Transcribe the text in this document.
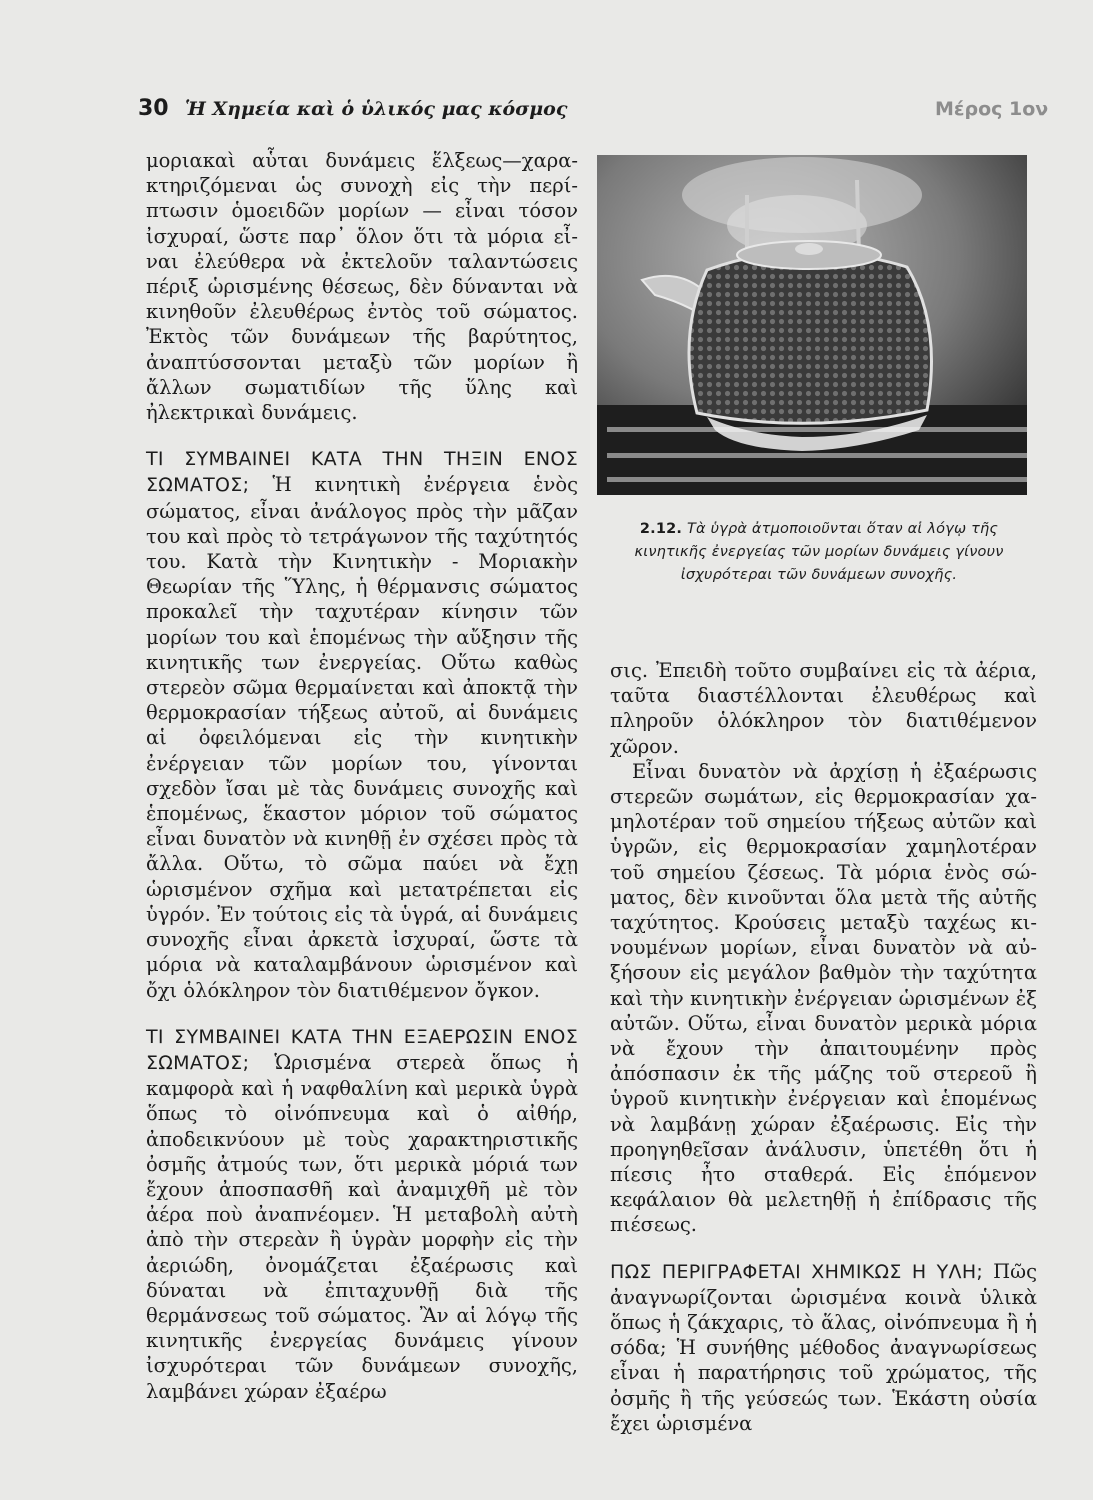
30 Ἡ Χημεία καὶ ὁ ὑλικός μας κόσμος	Μέρος 1ον

μοριακαὶ αὗται δυνάμεις ἕλξεως—χαρακτηριζόμεναι ὡς συνοχὴ εἰς τὴν περίπτωσιν ὁμοειδῶν μορίων — εἶναι τόσον ἰσχυραί, ὥστε παρ᾽ ὅλον ὅτι τὰ μόρια εἶναι ἐλεύθερα νὰ ἐκτελοῦν ταλαντώσεις πέριξ ὡρισμένης θέσεως, δὲν δύνανται νὰ κινηθοῦν ἐλευθέρως ἐντὸς τοῦ σώματος. Ἐκτὸς τῶν δυνάμεων τῆς βαρύτητος, ἀναπτύσσονται μεταξὺ τῶν μορίων ἢ ἄλλων σωματιδίων τῆς ὕλης καὶ ἠλεκτρικαὶ δυνάμεις.

ΤΙ ΣΥΜΒΑΙΝΕΙ ΚΑΤΑ ΤΗΝ ΤΗΞΙΝ ΕΝΟΣ ΣΩΜΑΤΟΣ; Ἡ κινητικὴ ἐνέργεια ἑνὸς σώματος, εἶναι ἀνάλογος πρὸς τὴν μᾶζαν του καὶ πρὸς τὸ τετράγωνον τῆς ταχύτητός του. Κατὰ τὴν Κινητικὴν - Μοριακὴν Θεωρίαν τῆς Ὕλης, ἡ θέρμανσις σώματος προκαλεῖ τὴν ταχυτέραν κίνησιν τῶν μορίων του καὶ ἑπομένως τὴν αὔξησιν τῆς κινητικῆς των ἐνεργείας. Οὕτω καθὼς στερεὸν σῶμα θερμαίνεται καὶ ἀποκτᾷ τὴν θερμοκρασίαν τήξεως αὐτοῦ, αἱ δυνάμεις αἱ ὀφειλόμεναι εἰς τὴν κινητικὴν ἐνέργειαν τῶν μορίων του, γίνονται σχεδὸν ἴσαι μὲ τὰς δυνάμεις συνοχῆς καὶ ἑπομένως, ἕκαστον μόριον τοῦ σώματος εἶναι δυνατὸν νὰ κινηθῇ ἐν σχέσει πρὸς τὰ ἄλλα. Οὕτω, τὸ σῶμα παύει νὰ ἔχῃ ὡρισμένον σχῆμα καὶ μετατρέπεται εἰς ὑγρόν. Ἐν τούτοις εἰς τὰ ὑγρά, αἱ δυνάμεις συνοχῆς εἶναι ἀρκετὰ ἰσχυραί, ὥστε τὰ μόρια νὰ καταλαμβάνουν ὡρισμένον καὶ ὄχι ὁλόκληρον τὸν διατιθέμενον ὄγκον.

ΤΙ ΣΥΜΒΑΙΝΕΙ ΚΑΤΑ ΤΗΝ ΕΞΑΕΡΩΣΙΝ ΕΝΟΣ ΣΩΜΑΤΟΣ; Ὡρισμένα στερεὰ ὅπως ἡ καμφορὰ καὶ ἡ ναφθαλίνη καὶ μερικὰ ὑγρὰ ὅπως τὸ οἰνόπνευμα καὶ ὁ αἰθήρ, ἀποδεικνύουν μὲ τοὺς χαρακτηριστικῆς ὀσμῆς ἀτμούς των, ὅτι μερικὰ μόριά των ἔχουν ἀποσπασθῆ καὶ ἀναμιχθῆ μὲ τὸν ἀέρα ποὺ ἀναπνέομεν. Ἡ μεταβολὴ αὐτὴ ἀπὸ τὴν στερεὰν ἢ ὑγρὰν μορφὴν εἰς τὴν ἀεριώδη, ὀνομάζεται ἐξαέρωσις καὶ δύναται νὰ ἐπιταχυνθῇ διὰ τῆς θερμάνσεως τοῦ σώματος. Ἂν αἱ λόγῳ τῆς κινητικῆς ἐνεργείας δυνάμεις γίνουν ἰσχυρότεραι τῶν δυνάμεων συνοχῆς, λαμβάνει χώραν ἐξαέρω

2.12. Τὰ ὑγρὰ ἀτμοποιοῦνται ὅταν αἱ λόγῳ τῆς κινητικῆς ἐνεργείας τῶν μορίων δυνάμεις γίνουν ἰσχυρότεραι τῶν δυνάμεων συνοχῆς.

σις. Ἐπειδὴ τοῦτο συμβαίνει εἰς τὰ ἀέρια, ταῦτα διαστέλλονται ἐλευθέρως καὶ πληροῦν ὁλόκληρον τὸν διατιθέμενον χῶρον.

Εἶναι δυνατὸν νὰ ἀρχίσῃ ἡ ἐξαέρωσις στερεῶν σωμάτων, εἰς θερμοκρασίαν χαμηλοτέραν τοῦ σημείου τήξεως αὐτῶν καὶ ὑγρῶν, εἰς θερμοκρασίαν χαμηλοτέραν τοῦ σημείου ζέσεως. Τὰ μόρια ἑνὸς σώματος, δὲν κινοῦνται ὅλα μετὰ τῆς αὐτῆς ταχύτητος. Κρούσεις μεταξὺ ταχέως κινουμένων μορίων, εἶναι δυνατὸν νὰ αὐξήσουν εἰς μεγάλον βαθμὸν τὴν ταχύτητα καὶ τὴν κινητικὴν ἐνέργειαν ὡρισμένων ἐξ αὐτῶν. Οὕτω, εἶναι δυνατὸν μερικὰ μόρια νὰ ἔχουν τὴν ἀπαιτουμένην πρὸς ἀπόσπασιν ἐκ τῆς μάζης τοῦ στερεοῦ ἢ ὑγροῦ κινητικὴν ἐνέργειαν καὶ ἑπομένως νὰ λαμβάνῃ χώραν ἐξαέρωσις. Εἰς τὴν προηγηθεῖσαν ἀνάλυσιν, ὑπετέθη ὅτι ἡ πίεσις ἦτο σταθερά. Εἰς ἑπόμενον κεφάλαιον θὰ μελετηθῇ ἡ ἐπίδρασις τῆς πιέσεως.

ΠΩΣ ΠΕΡΙΓΡΑΦΕΤΑΙ ΧΗΜΙΚΩΣ Η ΥΛΗ; Πῶς ἀναγνωρίζονται ὡρισμένα κοινὰ ὑλικὰ ὅπως ἡ ζάκχαρις, τὸ ἅλας, οἰνόπνευμα ἢ ἡ σόδα; Ἡ συνήθης μέθοδος ἀναγνωρίσεως εἶναι ἡ παρατήρησις τοῦ χρώματος, τῆς ὀσμῆς ἢ τῆς γεύσεώς των. Ἑκάστη οὐσία ἔχει ὡρισμένα
